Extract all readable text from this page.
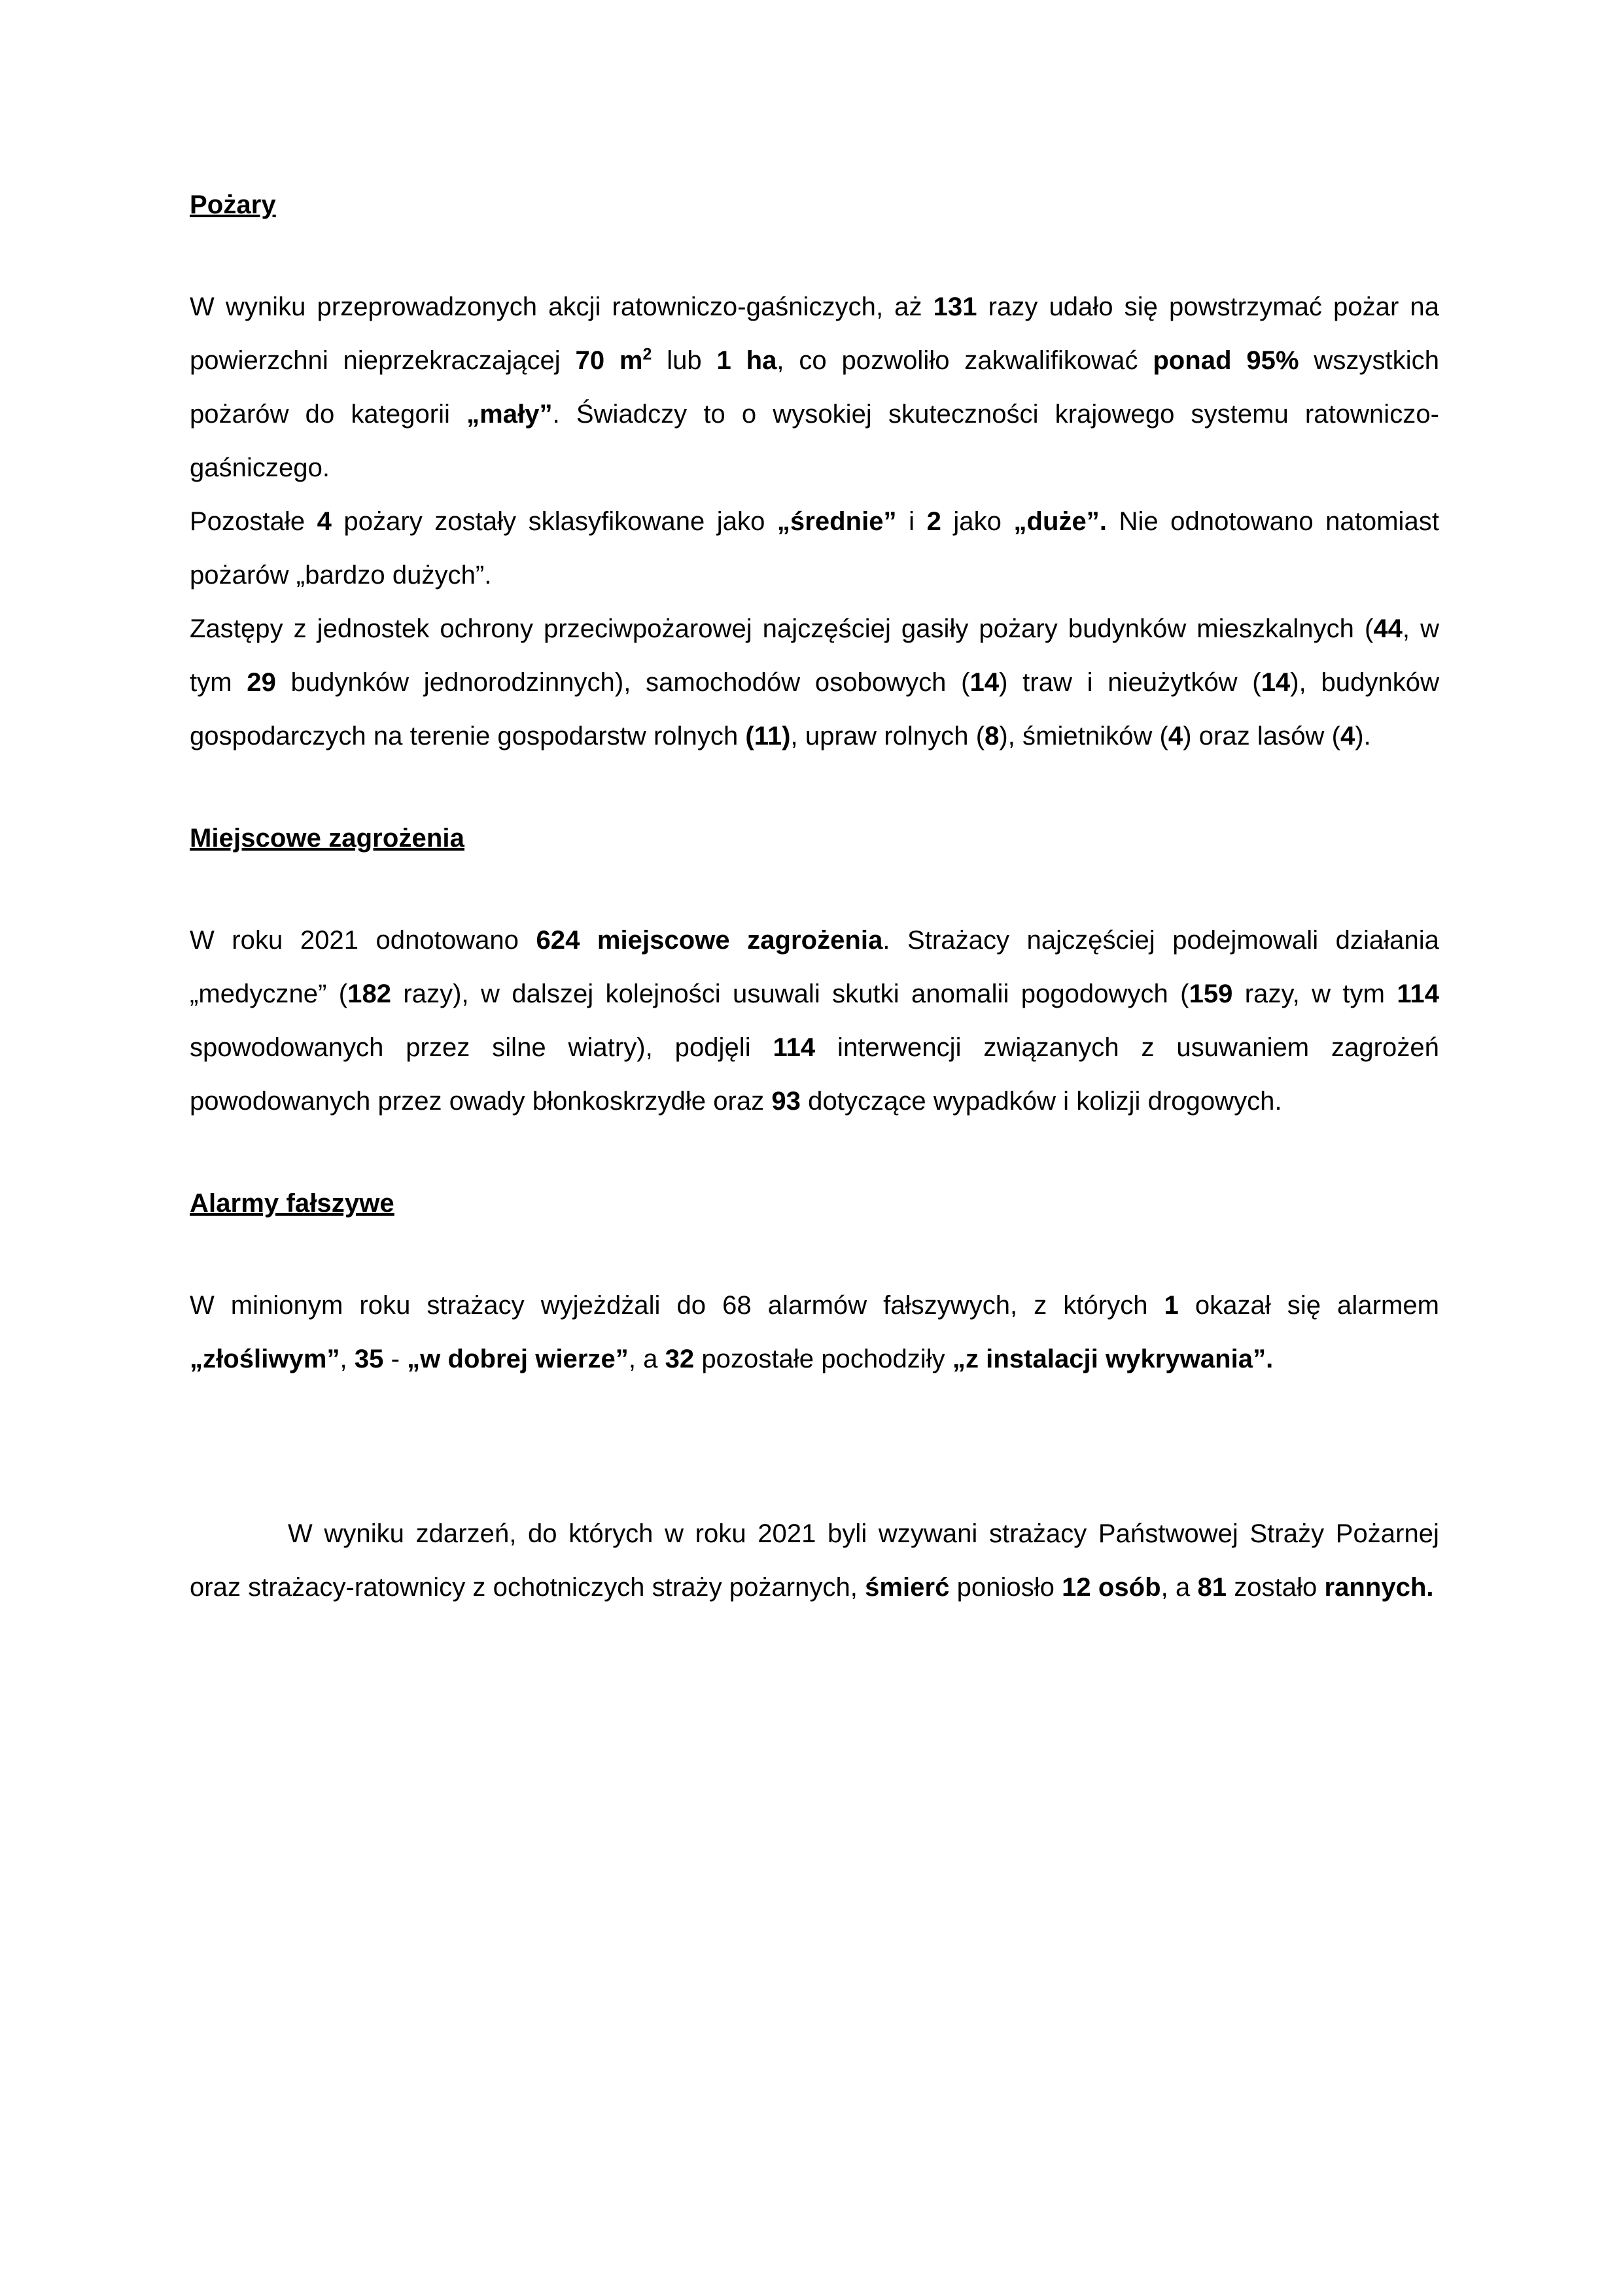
Pożary

W wyniku przeprowadzonych akcji ratowniczo-gaśniczych, aż 131 razy udało się powstrzymać pożar na powierzchni nieprzekraczającej 70 $m^2$ lub 1 ha, co pozwoliło zakwalifikować ponad 95% wszystkich pożarów do kategorii „mały”. Świadczy to o wysokiej skuteczności krajowego systemu ratowniczo-gaśniczego.

Pozostałe 4 pożary zostały sklasyfikowane jako „średnie” i 2 jako „duże”. Nie odnotowano natomiast pożarów „bardzo dużych”.

Zastępy z jednostek ochrony przeciwpożarowej najczęściej gasiły pożary budynków mieszkalnych (44, w tym 29 budynków jednorodzinnych), samochodów osobowych (14) traw i nieużytków (14), budynków gospodarczych na terenie gospodarstw rolnych (11), upraw rolnych (8), śmietników (4) oraz lasów (4).

Miejscowe zagrożenia

W roku 2021 odnotowano 624 miejscowe zagrożenia. Strażacy najczęściej podejmowali działania „medyczne” (182 razy), w dalszej kolejności usuwali skutki anomalii pogodowych (159 razy, w tym 114 spowodowanych przez silne wiatry), podjęli 114 interwencji związanych z usuwaniem zagrożeń powodowanych przez owady błonkoskrzydłe oraz 93 dotyczące wypadków i kolizji drogowych.

Alarmy fałszywe

W minionym roku strażacy wyjeżdżali do 68 alarmów fałszywych, z których 1 okazał się alarmem „złośliwym”, 35 - „w dobrej wierze”, a 32 pozostałe pochodziły „z instalacji wykrywania”.

W wyniku zdarzeń, do których w roku 2021 byli wzywani strażacy Państwowej Straży Pożarnej oraz strażacy-ratownicy z ochotniczych straży pożarnych, śmierć poniosło 12 osób, a 81 zostało rannych.
